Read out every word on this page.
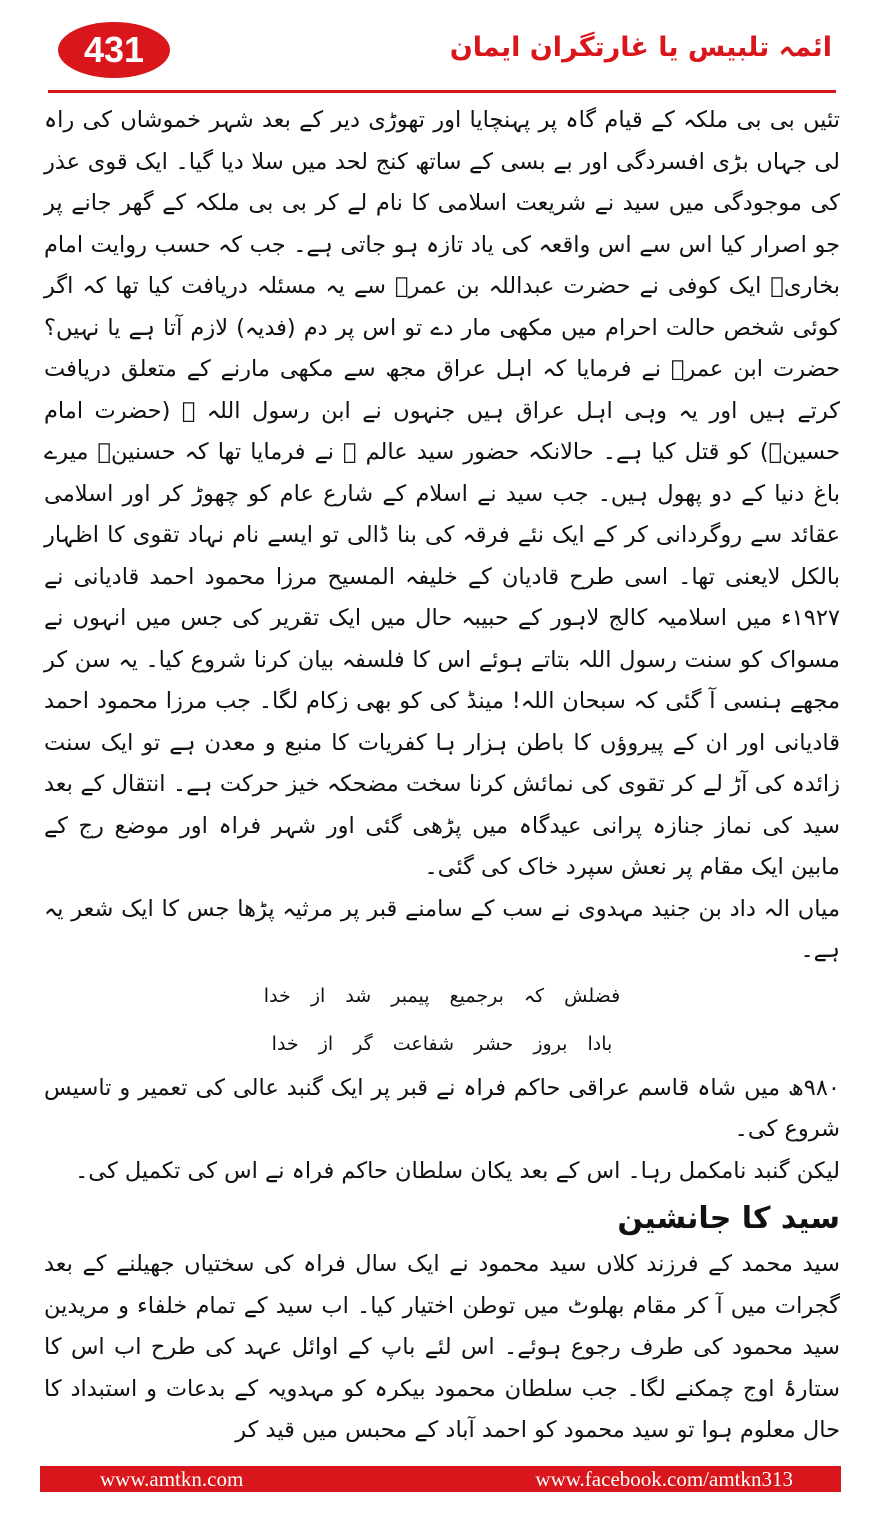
431	ائمہ تلبیس یا غارتگران ایمان

تئیں بی بی ملکہ کے قیام گاہ پر پہنچایا اور تھوڑی دیر کے بعد شہر خموشاں کی راہ لی جہاں بڑی افسردگی اور بے بسی کے ساتھ کنج لحد میں سلا دیا گیا۔ ایک قوی عذر کی موجودگی میں سید نے شریعت اسلامی کا نام لے کر بی بی ملکہ کے گھر جانے پر جو اصرار کیا اس سے اس واقعہ کی یاد تازہ ہو جاتی ہے۔ جب کہ حسب روایت امام بخاریؒ ایک کوفی نے حضرت عبداللہ بن عمرؓ سے یہ مسئلہ دریافت کیا تھا کہ اگر کوئی شخص حالت احرام میں مکھی مار دے تو اس پر دم (فدیہ) لازم آتا ہے یا نہیں؟ حضرت ابن عمرؓ نے فرمایا کہ اہل عراق مجھ سے مکھی مارنے کے متعلق دریافت کرتے ہیں اور یہ وہی اہل عراق ہیں جنہوں نے ابن رسول اللہ ﷺ (حضرت امام حسینؓ) کو قتل کیا ہے۔ حالانکہ حضور سید عالم ﷺ نے فرمایا تھا کہ حسنینؓ میرے باغ دنیا کے دو پھول ہیں۔ جب سید نے اسلام کے شارع عام کو چھوڑ کر اور اسلامی عقائد سے روگردانی کر کے ایک نئے فرقہ کی بنا ڈالی تو ایسے نام نہاد تقوی کا اظہار بالکل لایعنی تھا۔ اسی طرح قادیان کے خلیفہ المسیح مرزا محمود احمد قادیانی نے ۱۹۲۷ء میں اسلامیہ کالج لاہور کے حبیبہ حال میں ایک تقریر کی جس میں انہوں نے مسواک کو سنت رسول اللہ بتاتے ہوئے اس کا فلسفہ بیان کرنا شروع کیا۔ یہ سن کر مجھے ہنسی آ گئی کہ سبحان اللہ! مینڈ کی کو بھی زکام لگا۔ جب مرزا محمود احمد قادیانی اور ان کے پیروؤں کا باطن ہزار ہا کفریات کا منبع و معدن ہے تو ایک سنت زائدہ کی آڑ لے کر تقوی کی نمائش کرنا سخت مضحکہ خیز حرکت ہے۔ انتقال کے بعد سید کی نماز جنازہ پرانی عیدگاہ میں پڑھی گئی اور شہر فراہ اور موضع رج کے مابین ایک مقام پر نعش سپرد خاک کی گئی۔

میاں الہ داد بن جنید مہدوی نے سب کے سامنے قبر پر مرثیہ پڑھا جس کا ایک شعر یہ ہے۔

فضلش کہ برجمیع پیمبر شد از خدا

بادا بروز حشر شفاعت گر از خدا

۹۸۰ھ میں شاہ قاسم عراقی حاکم فراہ نے قبر پر ایک گنبد عالی کی تعمیر و تاسیس شروع کی۔

لیکن گنبد نامکمل رہا۔ اس کے بعد یکان سلطان حاکم فراہ نے اس کی تکمیل کی۔

سید کا جانشین

سید محمد کے فرزند کلاں سید محمود نے ایک سال فراہ کی سختیاں جھیلنے کے بعد گجرات میں آ کر مقام بھلوٹ میں توطن اختیار کیا۔ اب سید کے تمام خلفاء و مریدین سید محمود کی طرف رجوع ہوئے۔ اس لئے باپ کے اوائل عہد کی طرح اب اس کا ستارۂ اوج چمکنے لگا۔ جب سلطان محمود بیکرہ کو مہدویہ کے بدعات و استبداد کا حال معلوم ہوا تو سید محمود کو احمد آباد کے محبس میں قید کر

www.amtkn.com	www.facebook.com/amtkn313
